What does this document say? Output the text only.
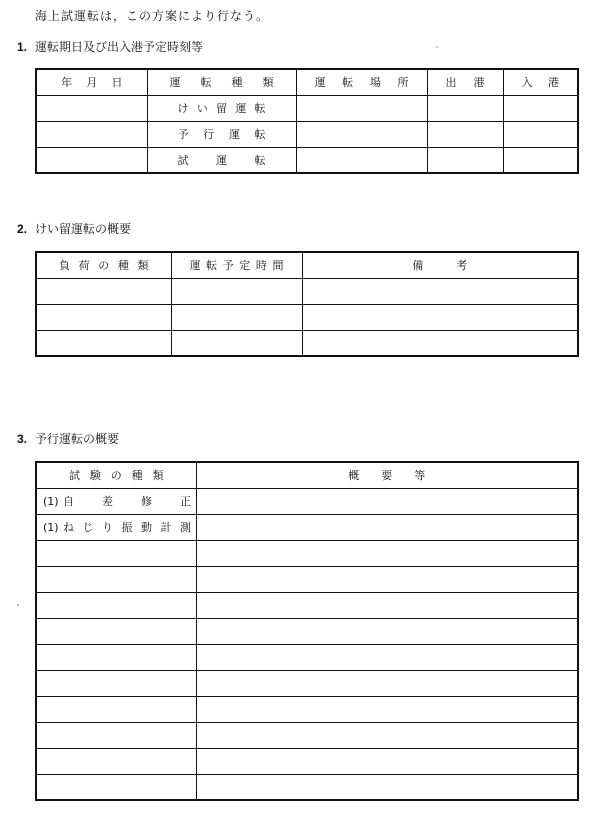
海上試運転は，この方案により行なう。
1. 運転期日及び出入港予定時刻等
年 月 日	運転種類	運転場所	出港	入港
	けい留運転			
	予行運転			
	試　運　転			
2. けい留運転の概要
負荷の種類	運転予定時間	備　　　考

3. 予行運転の概要
試験の種類	概　　要　　等
(1) 自差修正	
(1) ねじり振動計測	
